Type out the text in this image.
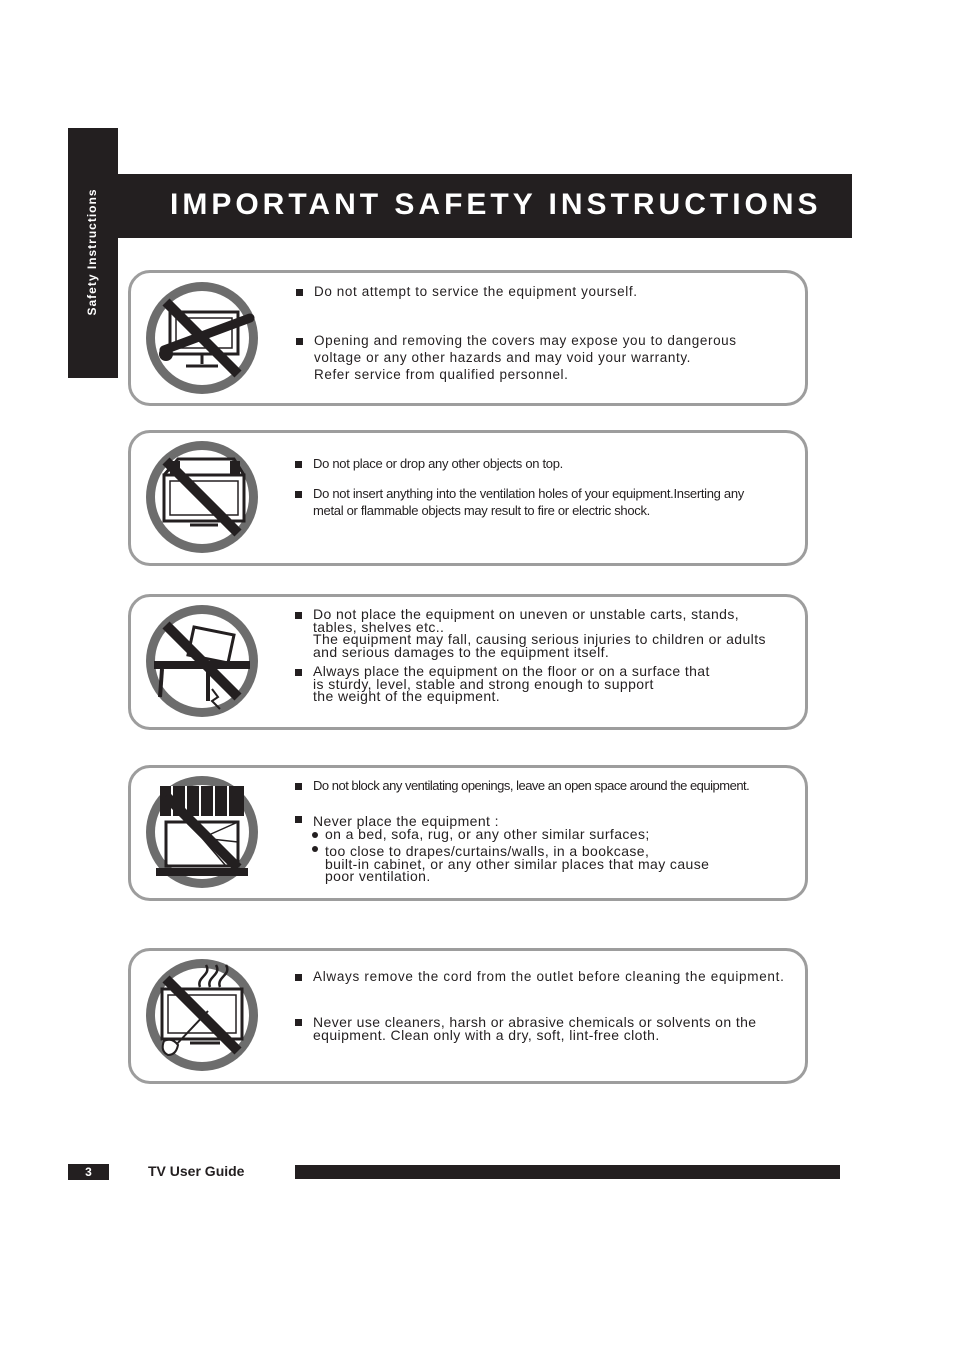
Safety Instructions IMPORTANT SAFETY INSTRUCTIONS
Do not attempt to service the equipment yourself.
Opening and removing the covers may expose you to dangerous
voltage or any other hazards and may void your warranty.
Refer service from qualified personnel.
Do not place or drop any other objects on top.
Do not insert anything into the ventilation holes of your equipment.Inserting any
metal or flammable objects may result to fire or electric shock.
Do not place the equipment on uneven or unstable carts, stands,
tables, shelves etc..
The equipment may fall, causing serious injuries to children or adults
and serious damages to the equipment itself.
Always place the equipment on the floor or on a surface that
is sturdy, level, stable and strong enough to support
the weight of the equipment.
Do not block any ventilating openings, leave an open space around the equipment.
Never place the equipment :
on a bed, sofa, rug, or any other similar surfaces;
too close to drapes/curtains/walls, in a bookcase,
built-in cabinet, or any other similar places that may cause
poor ventilation.
Always remove the cord from the outlet before cleaning the equipment.
Never use cleaners, harsh or abrasive chemicals or solvents on the
equipment. Clean only with a dry, soft, lint-free cloth.
3	TV User Guide
